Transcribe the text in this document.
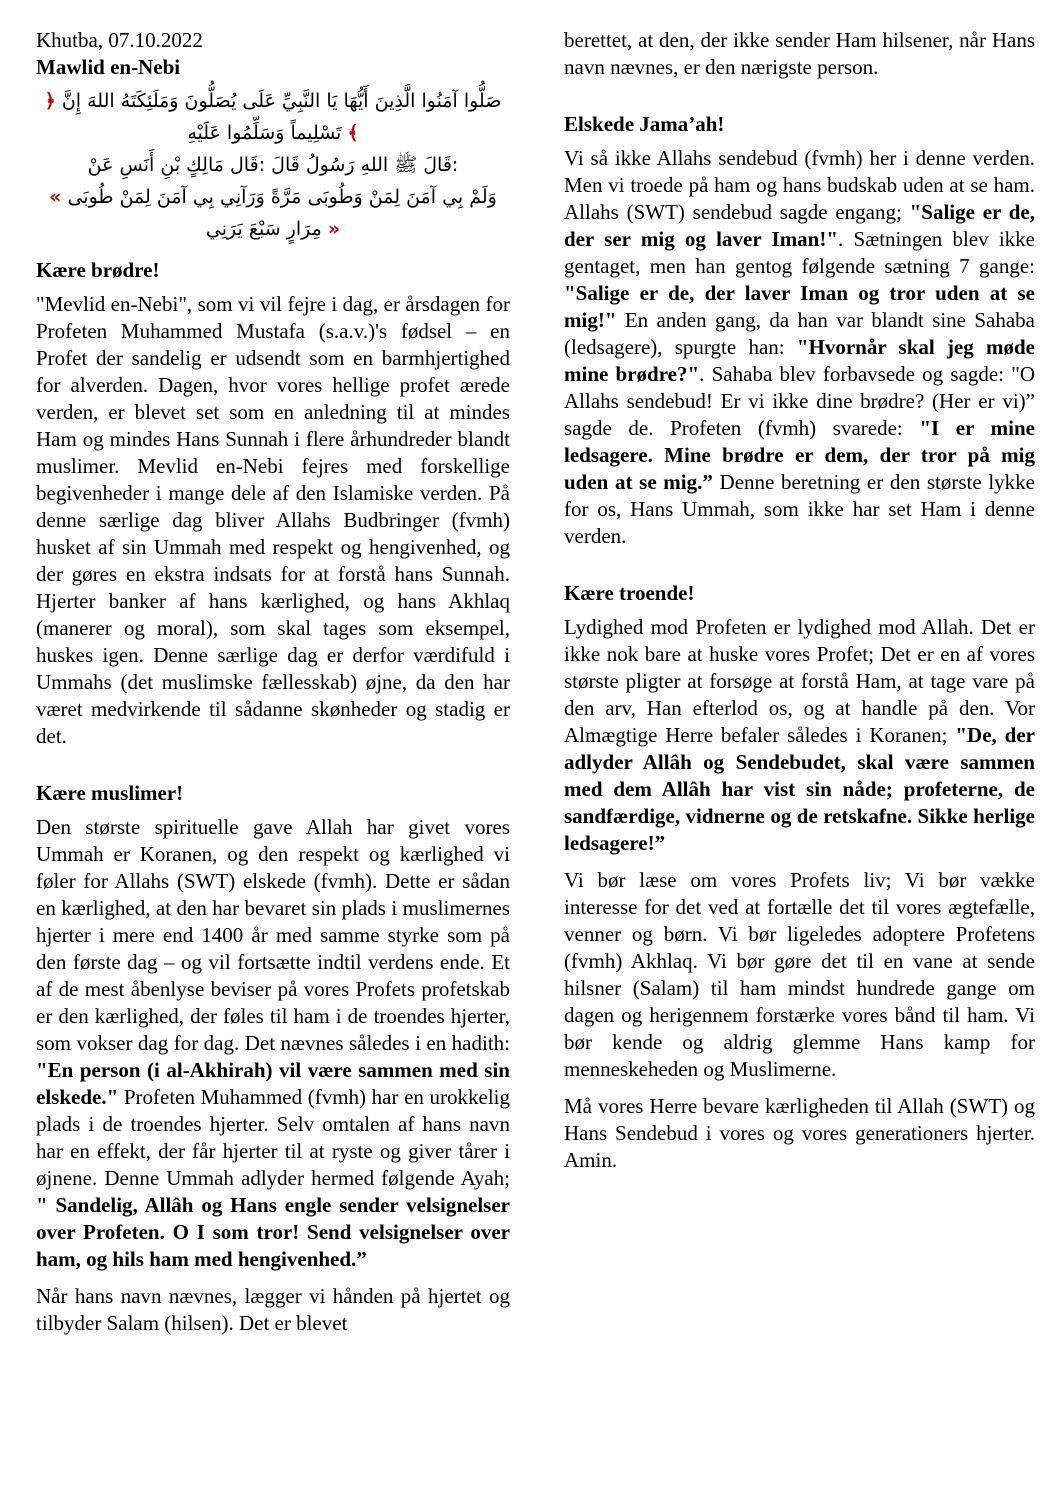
Khutba, 07.10.2022
Mawlid en-Nebi
﴿ إِنَّ اللهَ وَمَلَئِكَتَهُ يُصَلُّونَ عَلَى النَّبِيِّ يَا أَيُّهَا الَّذِينَ آمَنُوا صَلُّوا عَلَيْهِ وَسَلِّمُوا تَسْلِيماً ﴾
عَنْ أَنَسِ بْنِ مَالِكٍ قَال: قَالَ رَسُولُ اللهِ ﷺ قَالَ:
« طُوبَى لِمَنْ آمَنَ بِي وَرَآنِي مَرَّةً وَطُوبَى لِمَنْ آمَنَ بِي وَلَمْ يَرَنِي سَبْعَ مِرَارٍ »
Kære brødre!

"Mevlid en-Nebi", som vi vil fejre i dag, er årsdagen for Profeten Muhammed Mustafa (s.a.v.)'s fødsel – en Profet der sandelig er udsendt som en barmhjertighed for alverden. Dagen, hvor vores hellige profet ærede verden, er blevet set som en anledning til at mindes Ham og mindes Hans Sunnah i flere århundreder blandt muslimer. Mevlid en-Nebi fejres med forskellige begivenheder i mange dele af den Islamiske verden. På denne særlige dag bliver Allahs Budbringer (fvmh) husket af sin Ummah med respekt og hengivenhed, og der gøres en ekstra indsats for at forstå hans Sunnah. Hjerter banker af hans kærlighed, og hans Akhlaq (manerer og moral), som skal tages som eksempel, huskes igen. Denne særlige dag er derfor værdifuld i Ummahs (det muslimske fællesskab) øjne, da den har været medvirkende til sådanne skønheder og stadig er det.

Kære muslimer!

Den største spirituelle gave Allah har givet vores Ummah er Koranen, og den respekt og kærlighed vi føler for Allahs (SWT) elskede (fvmh). Dette er sådan en kærlighed, at den har bevaret sin plads i muslimernes hjerter i mere end 1400 år med samme styrke som på den første dag – og vil fortsætte indtil verdens ende. Et af de mest åbenlyse beviser på vores Profets profetskab er den kærlighed, der føles til ham i de troendes hjerter, som vokser dag for dag. Det nævnes således i en hadith: "En person (i al-Akhirah) vil være sammen med sin elskede." Profeten Muhammed (fvmh) har en urokkelig plads i de troendes hjerter. Selv omtalen af hans navn har en effekt, der får hjerter til at ryste og giver tårer i øjnene. Denne Ummah adlyder hermed følgende Ayah; " Sandelig, Allâh og Hans engle sender velsignelser over Profeten. O I som tror! Send velsignelser over ham, og hils ham med hengivenhed.”

Når hans navn nævnes, lægger vi hånden på hjertet og tilbyder Salam (hilsen). Det er blevet

berettet, at den, der ikke sender Ham hilsener, når Hans navn nævnes, er den nærigste person.

Elskede Jama’ah!

Vi så ikke Allahs sendebud (fvmh) her i denne verden. Men vi troede på ham og hans budskab uden at se ham. Allahs (SWT) sendebud sagde engang; "Salige er de, der ser mig og laver Iman!". Sætningen blev ikke gentaget, men han gentog følgende sætning 7 gange: "Salige er de, der laver Iman og tror uden at se mig!" En anden gang, da han var blandt sine Sahaba (ledsagere), spurgte han: "Hvornår skal jeg møde mine brødre?". Sahaba blev forbavsede og sagde: "O Allahs sendebud! Er vi ikke dine brødre? (Her er vi)” sagde de. Profeten (fvmh) svarede: "I er mine ledsagere. Mine brødre er dem, der tror på mig uden at se mig.” Denne beretning er den største lykke for os, Hans Ummah, som ikke har set Ham i denne verden.

Kære troende!

Lydighed mod Profeten er lydighed mod Allah. Det er ikke nok bare at huske vores Profet; Det er en af vores største pligter at forsøge at forstå Ham, at tage vare på den arv, Han efterlod os, og at handle på den. Vor Almægtige Herre befaler således i Koranen; "De, der adlyder Allâh og Sendebudet, skal være sammen med dem Allâh har vist sin nåde; profeterne, de sandfærdige, vidnerne og de retskafne. Sikke herlige ledsagere!”

Vi bør læse om vores Profets liv; Vi bør vække interesse for det ved at fortælle det til vores ægtefælle, venner og børn. Vi bør ligeledes adoptere Profetens (fvmh) Akhlaq. Vi bør gøre det til en vane at sende hilsner (Salam) til ham mindst hundrede gange om dagen og herigennem forstærke vores bånd til ham. Vi bør kende og aldrig glemme Hans kamp for menneskeheden og Muslimerne.

Må vores Herre bevare kærligheden til Allah (SWT) og Hans Sendebud i vores og vores generationers hjerter. Amin.
